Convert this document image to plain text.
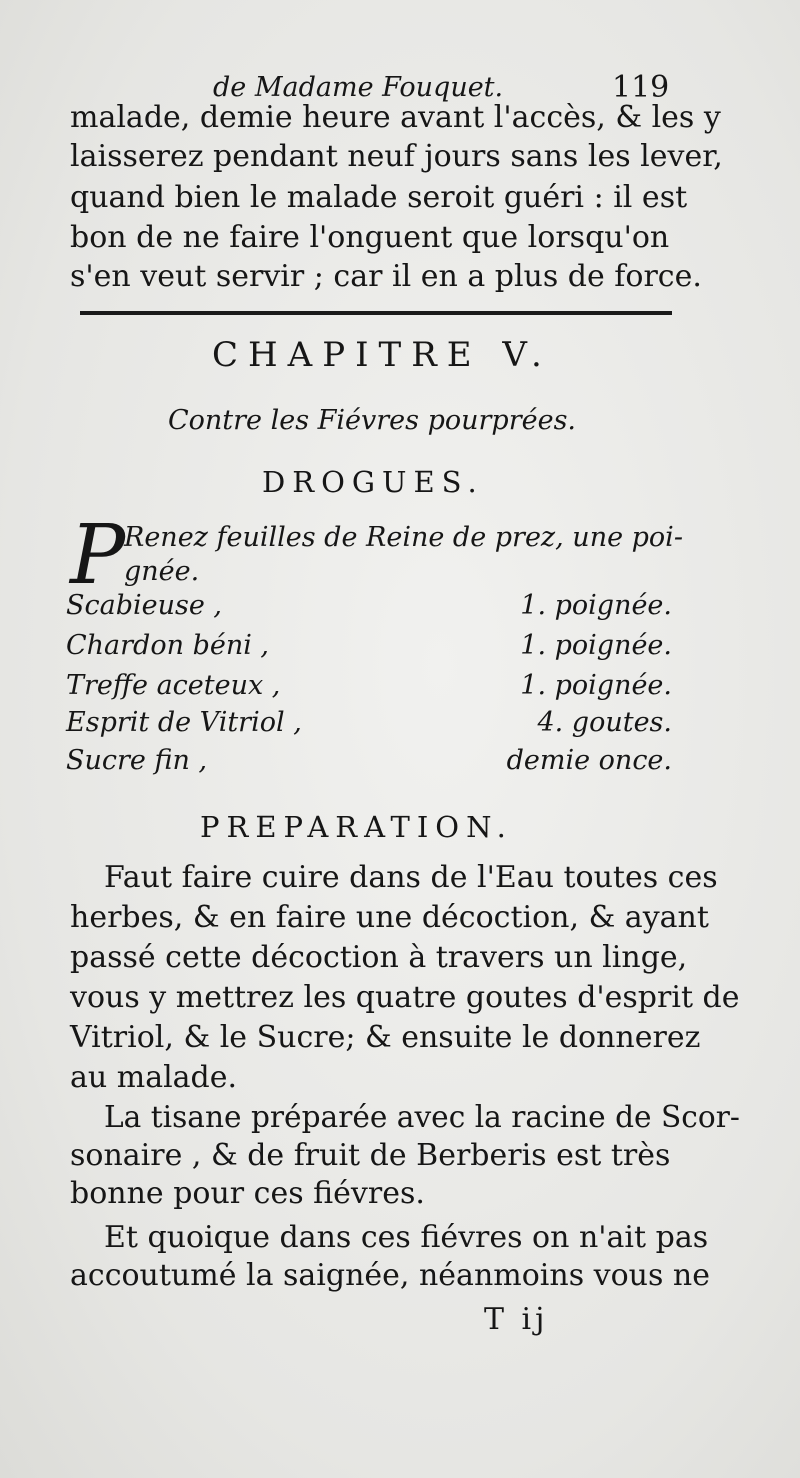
de Madame Fouquet.	119
malade, demie heure avant l'accès, & les y
laisserez pendant neuf jours sans les lever,
quand bien le malade seroit guéri : il est
bon de ne faire l'onguent que lorsqu'on
s'en veut servir ; car il en a plus de force.
CHAPITRE V.
Contre les Fiévres pourprées.
DROGUES.
P
Renez feuilles de Reine de prez, une poi-
gnée.
Scabieuse ,	1. poignée.
Chardon béni ,	1. poignée.
Treffe aceteux ,	1. poignée.
Esprit de Vitriol ,	4. goutes.
Sucre fin ,	demie once.
PREPARATION.
Faut faire cuire dans de l'Eau toutes ces
herbes, & en faire une décoction, & ayant
passé cette décoction à travers un linge,
vous y mettrez les quatre goutes d'esprit de
Vitriol, & le Sucre; & ensuite le donnerez
au malade.
La tisane préparée avec la racine de Scor-
sonaire , & de fruit de Berberis est très
bonne pour ces fiévres.
Et quoique dans ces fiévres on n'ait pas
accoutumé la saignée, néanmoins vous ne
T ij
